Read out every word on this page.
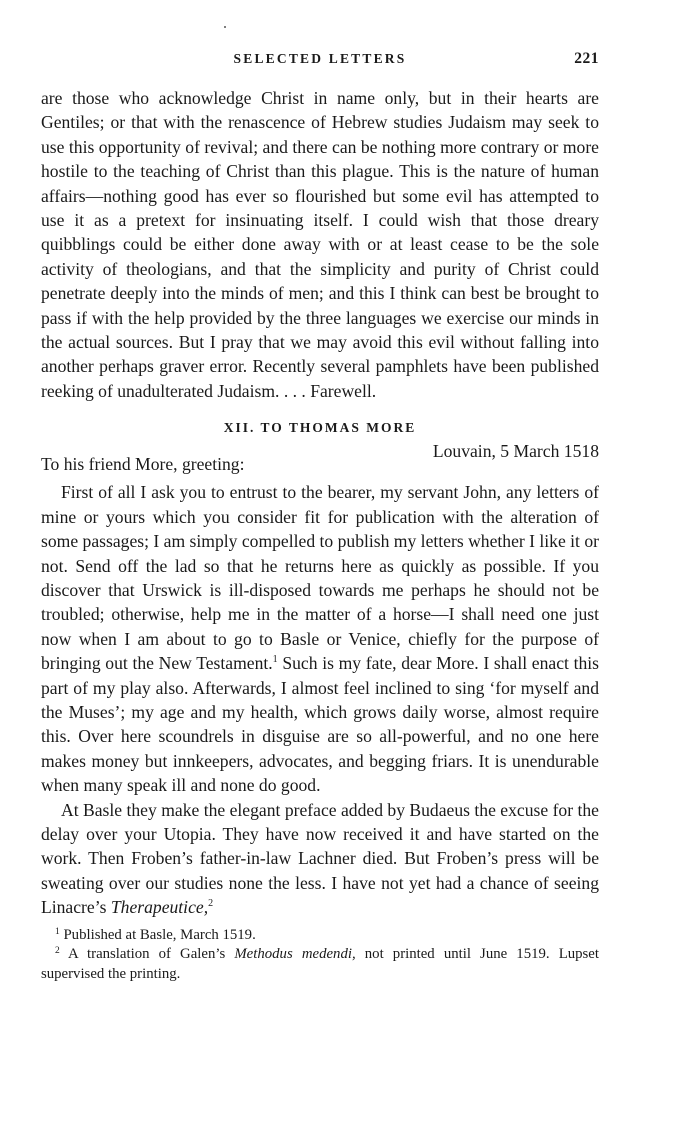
SELECTED LETTERS	221

are those who acknowledge Christ in name only, but in their hearts are Gentiles; or that with the renascence of Hebrew studies Judaism may seek to use this opportunity of revival; and there can be nothing more contrary or more hostile to the teaching of Christ than this plague. This is the nature of human affairs—nothing good has ever so flourished but some evil has attempted to use it as a pretext for insinuating itself. I could wish that those dreary quibblings could be either done away with or at least cease to be the sole activity of theologians, and that the simplicity and purity of Christ could penetrate deeply into the minds of men; and this I think can best be brought to pass if with the help provided by the three languages we exercise our minds in the actual sources. But I pray that we may avoid this evil without falling into another perhaps graver error. Recently several pamphlets have been published reeking of unadulterated Judaism. . . . Farewell.

XII. TO THOMAS MORE
Louvain, 5 March 1518
To his friend More, greeting:

First of all I ask you to entrust to the bearer, my servant John, any letters of mine or yours which you consider fit for publication with the alteration of some passages; I am simply compelled to publish my letters whether I like it or not. Send off the lad so that he returns here as quickly as possible. If you discover that Urswick is ill-disposed towards me perhaps he should not be troubled; otherwise, help me in the matter of a horse—I shall need one just now when I am about to go to Basle or Venice, chiefly for the purpose of bringing out the New Testament.$^1$ Such is my fate, dear More. I shall enact this part of my play also. Afterwards, I almost feel inclined to sing ‘for myself and the Muses’; my age and my health, which grows daily worse, almost require this. Over here scoundrels in disguise are so all-powerful, and no one here makes money but innkeepers, advocates, and begging friars. It is unendurable when many speak ill and none do good.

At Basle they make the elegant preface added by Budaeus the excuse for the delay over your Utopia. They have now received it and have started on the work. Then Froben’s father-in-law Lachner died. But Froben’s press will be sweating over our studies none the less. I have not yet had a chance of seeing Linacre’s Therapeutice,$^2$

$^1$ Published at Basle, March 1519.

$^2$ A translation of Galen’s Methodus medendi, not printed until June 1519. Lupset supervised the printing.
